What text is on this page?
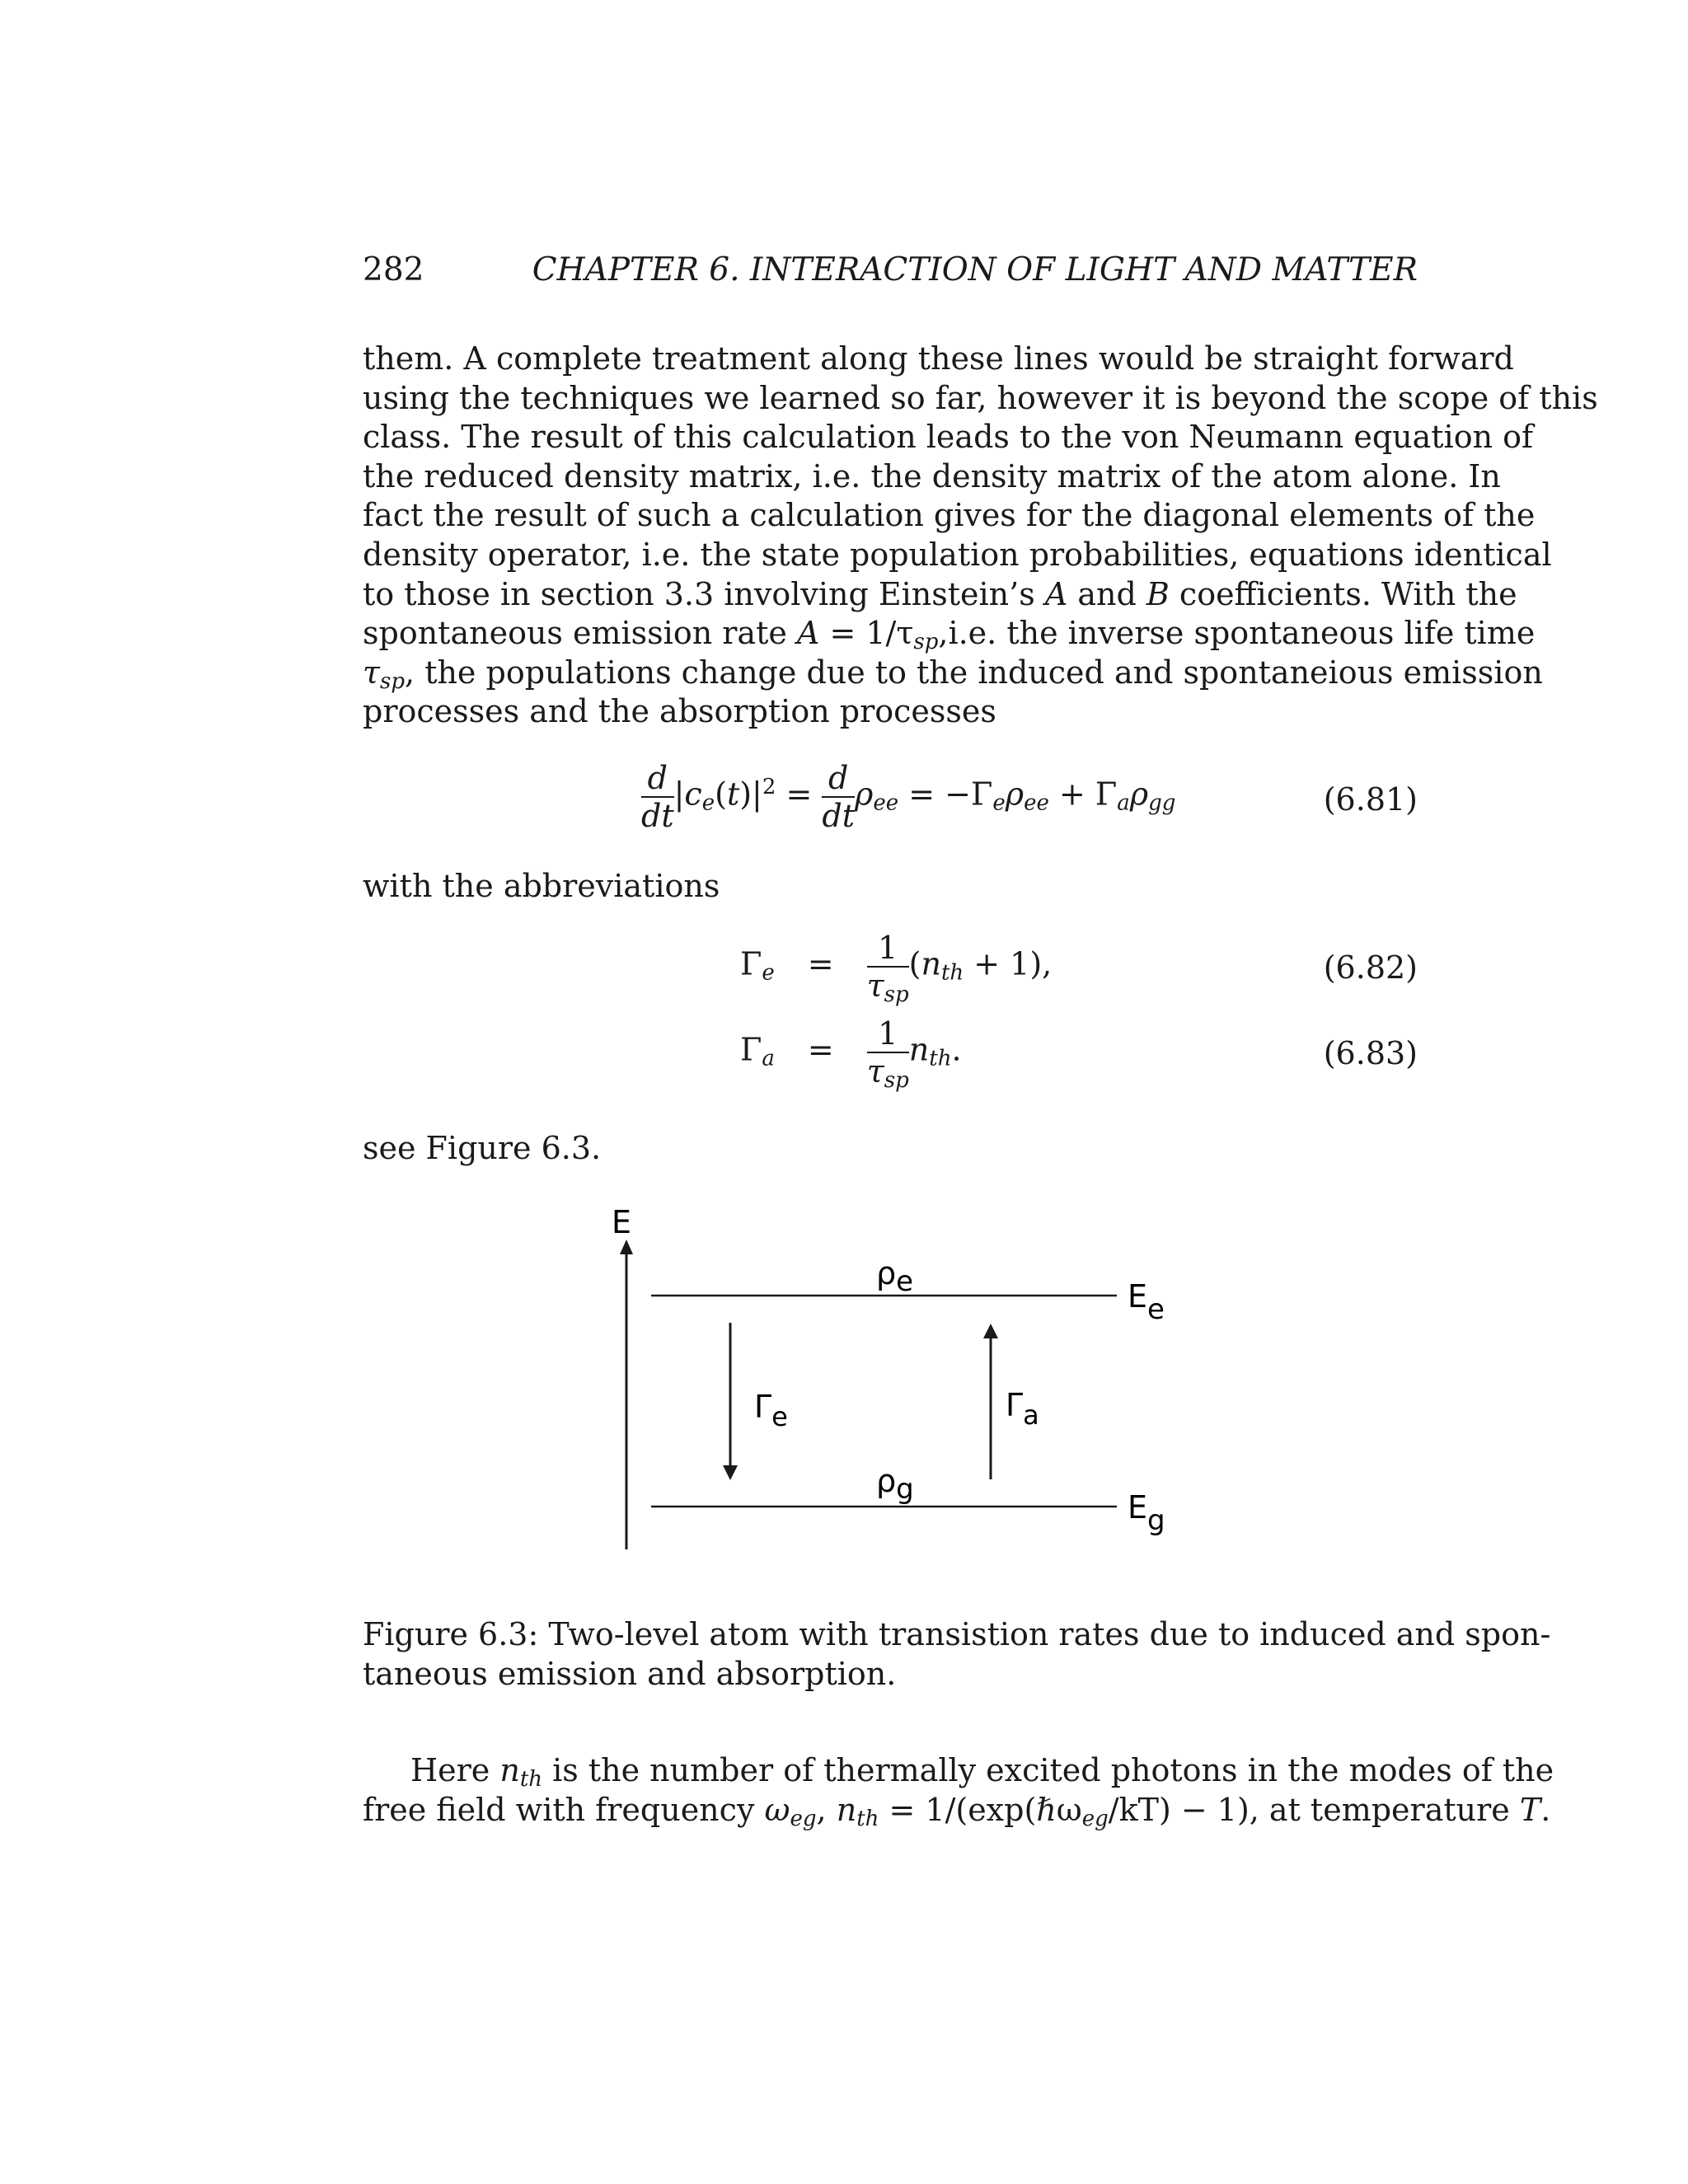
282	CHAPTER 6. INTERACTION OF LIGHT AND MATTER
them. A complete treatment along these lines would be straight forward
using the techniques we learned so far, however it is beyond the scope of this
class. The result of this calculation leads to the von Neumann equation of
the reduced density matrix, i.e. the density matrix of the atom alone. In
fact the result of such a calculation gives for the diagonal elements of the
density operator, i.e. the state population probabilities, equations identical
to those in section 3.3 involving Einstein’s A and B coefficients. With the
spontaneous emission rate $A = 1/\tau_{sp},i.e$. the inverse spontaneous life time
$\tau_{sp}$, the populations change due to the induced and spontaneious emission
processes and the absorption processes
$\frac{d}{dt} |c_e(t)|^2 = \frac{d}{dt} \rho_{ee} = -\Gamma_e\rho_{ee} + \Gamma_a\rho_{gg}$	(6.81)
with the abbreviations
$\Gamma_e = \frac{1}{\tau_{sp}} (n_{th} + 1)$,	(6.82)
$\Gamma_a = \frac{1}{\tau_{sp}} n_{th}$.	(6.83)
see Figure 6.3.
E
ρe	Ee
ρg	Eg
$\Gamma_e$	$\Gamma_a$
Figure 6.3: Two-level atom with transistion rates due to induced and spon-
taneous emission and absorption.
Here $n_{th}$ is the number of thermally excited photons in the modes of the
free field with frequency $\omega_{eg}$, $n_{th}$ = 1/(exp(ℏω$_{eg}$/kT) − 1), at temperature T.
